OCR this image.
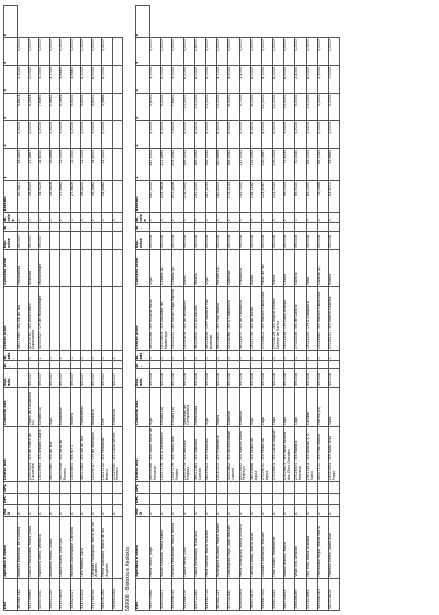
DNI	Apelidos e nome	MOD	OPC	DPL	Centro adx.	Concello adx.	Esp. adx.	Di.	BI. adx.	Centro orixe	Concello orixe	Esp. orixe	BI.	BI. orixe	Baremo	1	2	3	4	5	6
36086133Z	Barreiro Martínez, Mª Cristina	A								36011980 - IES Val do Tea	Ponteareas	590007		0	40,3411	33,3400	0,0000	3,8413	0,3000	0,0000	
33279586S	García Fernández, María Jesús	A			15003503 - IES de Pobra do Caramiñal	Pobra do Caramiñal (A)	590007		0	32203787 - IES Xosé Otero Espasandín	Boborás	590007		0	26,8320	17,4667	0,0000	4,0533	0,0000	0,0000	
52937050L	Espiñeira Tarrio, Verónica	A			15013983 - IES Urbano Lugrís	Coruña (A)	590007		1	32000527 - CPI de Montealegre	Montealegre	590007		0	34,9229	14,6000	0,0000	7,6560	3,0000	0,0000	
33851010E	Abaurrea Prieto, Laura	A			36000961 - IES de Teis	Vigo	590007		0					0	28,4626	16,6668	0,0000	2,9642	5,7000	0,0000	
33327460X	López Fustes, José Luis	A			36000948 - IES Terra de Turonio	Gondomar	590007		2					0	27,8882	12,0000	0,0000	5,0894	3,6660	0,1000	
33342001T	Morales Domínguez, Carolina	A			15003800 - IES N.º 1	Ribeira	590007		0					0	27,8829	12,0000	0,0000	5,5000	3,6660	0,0000	
33475030X	Leis Muñoz, Sara	A			36011980 - IES Val do Tea	Ponteareas	590007		0					0	26,4402	12,0000	0,0000	3,6000	6,1000	0,1000	
33476470A	Delgado Rodríguez, María de los Ángeles	A			15006747 - CPI de Mondariz	Mondariz	590007		0					0	26,3462	14,6000	0,0000	3,6000	6,0000	0,0000	
08403129G	Pérez González, María de los Ángeles	A			15021152 - IES Fernando Blanco	Cee	590007		0					0	24,4462	12,0000	0,0000	3,9666	6,0000	0,3000	
09965029Q		A			01029051 - IES Celso Emilio Ferreiro	Celanova	590007		2					0							
590008 - Bioloxía e Xeoloxía DNI	Apelidos e nome	MOD	OPC	DPL	Centro adx.	Concello adx.	Esp. adx.	Di.	BI. adx.	Centro orixe	Concello orixe	Esp. orixe	BI.	BI. orixe	Baremo	1	2	3	4	5	6
76577096K	Pérez Paleo, Jorge	A			36008066 - IES Santo Tomé de Freixeiro	Vigo	590008		0	36018066 - IES Ricardo Mella	Vigo	590008		0	260,3252	347,5302	5,0000	3,6000	3,0000	0,0000	
32800350T	Souto Gonzalo, María Isabel	A			15027176 - IES A Sardiñeira	Coruña (A)	590008		0	15019819 - IES Salvador de Madariaga	Coruña (A)	590008		0	223,9808	211,4890	6,0000	9,2000	5,0000	0,0000	
35549813S	Portela Fernández, María Teresa	A			15027176 - IES Paseo das Pontes	Coruña (A)	590008		0	15020231 - IES Rafael Puga Ramón	Coruña (A)	590008		0	207,4456	205,3332	7,5000	7,6400	3,0000	0,0000	
33256817E	López Pérez, Julio	A			15003779 - IES Antonio Fraguas	Santiago de Compostela	590008		0	15030876 - IES de Milladoiro	Ames	590008		0	218,0952	185,3332	5,0000	10,0000	6,2000	0,0000	
42671228S	López Bermúdez, Francisco	A			36011980 - IES Sánchez Cantón	Pontevedra	590008		0	36016930 - IES As Barxas	Moaña	590008		0	191,2000	165,3332	5,0000	10,0000	6,0000	2,8000	
44456071G	Pena Gómez, María Dolores	A			36019320 - IES Castelao	Vigo	590008		0	36014636 - CIFP Valentín Paz Andrade	Vigo	590008		0	187,5293	165,3332	5,0000	10,0000	8,0000	0,0000	
36064122Y	Rodríguez Álvarez, Marta Isabel	A			15030372 - IES Fontexería	Muros	590008		0	36016655 - IES Pino Manso	Porriño (O)	590008		0	180,6300	160,6666	6,0000	10,0000	4,7000	0,2000	
32702184L	Domínguez Pego, Juan Manuel	A			32003852 - IES Universidade Laboral	Ourense	590008		0	32008266 - IES A Carballeira	Ourense	590008		0	172,2133	165,3332	5,0000	8,0000	4,9000	0,0000	
34965439N	Pérez Rodríguez, María Victoria	A			32003852 - IES Ramón Otero Pedrayo	Ourense	590008		0	36024970 - IES de Ribadavia	Ribadavia	590008		0	165,0332	147,3332	5,0000	5,7000	5,4000	0,0000	
76657087R	Lamas Castro, María Xosé	A			36016668 - IES Pedra da Aguia	Vigo	590008		0	15027735 - IES de Arzúa	Arzúa	590008		0	134,1262	115,3332	6,0000	6,0000	6,0000	0,0000	
33866700Q	Losada Castiñeira, Manuel	A			27016131 - IES Pedra da Aguia	Lugo	590008		0	27016613 - IES Ramón Cabanillas	Palas de Rei	590008		0	123,4087	116,0667	4,0000	12,0000	6,1000	0,0000	
33867265S	Díaz Castro, Montserrat	A			27016613 - IES Lucus Augusti	Lugo	590008		0	27018129 - IES Xograr Afonso Gómez de Sarria	Sarria	590008		0	123,3000	116,0000	5,0000	12,0000	6,0000	0,0000	
34873465X	Núñez Blanco, María	A			27016613 - IES Nosa Señora dos Ollos Grandes	Lugo	590008		0	15011834 - CPI Cabo Ortegal	Cariño	590008		0	96,0000	71,6333	0,0000	10,0000	6,0000	0,0000	
33855606R	Vega Vila, Amparo	A			27016370 - IES Muralla Romana	Lugo	590008		0	27014006 - IES de Guitiriz	Guitiriz	590008		0	89,5000	70,3330	0,0000	5,0000	2,4000	0,1000	
53181086X	Rey Piña, María Soledad	A			15011814 - IES Alfonso X O Sabio	Cambre	590008		0	15022055 - CPI A Xunqueira	Fene	590008		0	82,0000	63,0000	0,0000	10,0000	6,0000	0,7000	
34954614H	Fernández Regal, Marta María	A			36007101 - IES Pino Manso	Porriño (O)	590008		0	15024880 - IES Ramón Cabanillas	Guarda (A)	590008		0	76,0666	65,0330	0,0000	3,0000	2,9000	0,0000	
08037461K	Fuentes Sierra, Juana Ana	A			15020303 - IES Isaac Díaz Pardo	Sada	590008		1	27016131 - IES Martín Códinez	Burela	590008		0	63,6711	55,6660	0,0000	3,0000	7,0000	0,0000	
